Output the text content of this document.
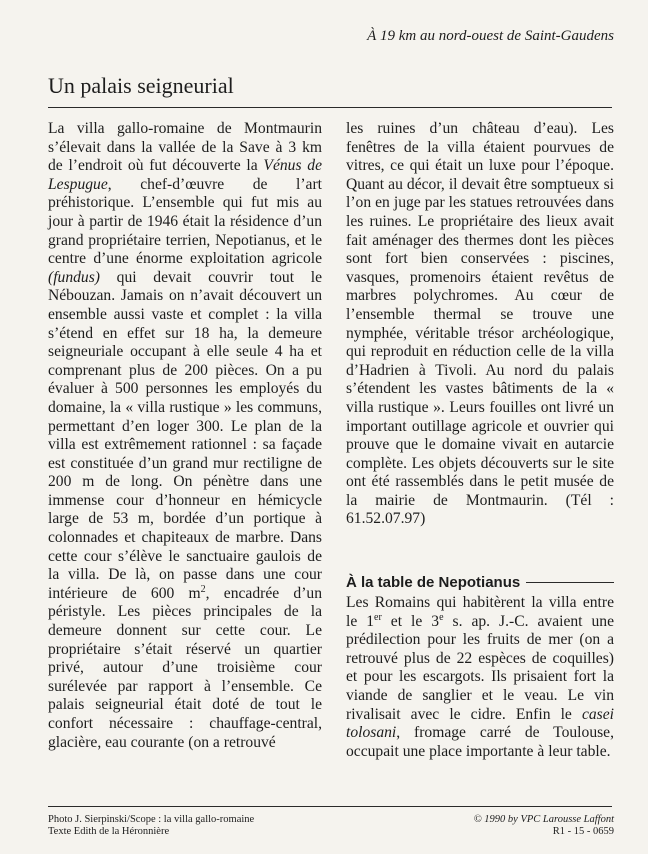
À 19 km au nord-ouest de Saint-Gaudens
Un palais seigneurial

La villa gallo-romaine de Montmaurin s’élevait dans la vallée de la Save à 3 km de l’endroit où fut découverte la Vénus de Lespugue, chef-d’œuvre de l’art préhistorique. L’ensemble qui fut mis au jour à partir de 1946 était la résidence d’un grand propriétaire terrien, Nepotianus, et le centre d’une énorme exploitation agricole (fundus) qui devait couvrir tout le Nébouzan. Jamais on n’avait découvert un ensemble aussi vaste et complet : la villa s’étend en effet sur 18 ha, la demeure seigneuriale occupant à elle seule 4 ha et comprenant plus de 200 pièces. On a pu évaluer à 500 personnes les employés du domaine, la « villa rustique » les communs, permettant d’en loger 300. Le plan de la villa est extrêmement rationnel : sa façade est constituée d’un grand mur rectiligne de 200 m de long. On pénètre dans une immense cour d’honneur en hémicycle large de 53 m, bordée d’un portique à colonnades et chapiteaux de marbre. Dans cette cour s’élève le sanctuaire gaulois de la villa. De là, on passe dans une cour intérieure de 600 $m^2$, encadrée d’un péristyle. Les pièces principales de la demeure donnent sur cette cour. Le propriétaire s’était réservé un quartier privé, autour d’une troisième cour surélevée par rapport à l’ensemble. Ce palais seigneurial était doté de tout le confort nécessaire : chauffage-central, glacière, eau courante (on a retrouvé

les ruines d’un château d’eau). Les fenêtres de la villa étaient pourvues de vitres, ce qui était un luxe pour l’époque. Quant au décor, il devait être somptueux si l’on en juge par les statues retrouvées dans les ruines. Le propriétaire des lieux avait fait aménager des thermes dont les pièces sont fort bien conservées : piscines, vasques, promenoirs étaient revêtus de marbres polychromes. Au cœur de l’ensemble thermal se trouve une nymphée, véritable trésor archéologique, qui reproduit en réduction celle de la villa d’Hadrien à Tivoli. Au nord du palais s’étendent les vastes bâtiments de la « villa rustique ». Leurs fouilles ont livré un important outillage agricole et ouvrier qui prouve que le domaine vivait en autarcie complète. Les objets découverts sur le site ont été rassemblés dans le petit musée de la mairie de Montmaurin. (Tél : 61.52.07.97)

À la table de Nepotianus

Les Romains qui habitèrent la villa entre le 1er et le 3e s. ap. J.-C. avaient une prédilection pour les fruits de mer (on a retrouvé plus de 22 espèces de coquilles) et pour les escargots. Ils prisaient fort la viande de sanglier et le veau. Le vin rivalisait avec le cidre. Enfin le casei tolosani, fromage carré de Toulouse, occupait une place importante à leur table.

Photo J. Sierpinski/Scope : la villa gallo-romaine
Texte Edith de la Héronnière
© 1990 by VPC Larousse Laffont
R1 - 15 - 0659
